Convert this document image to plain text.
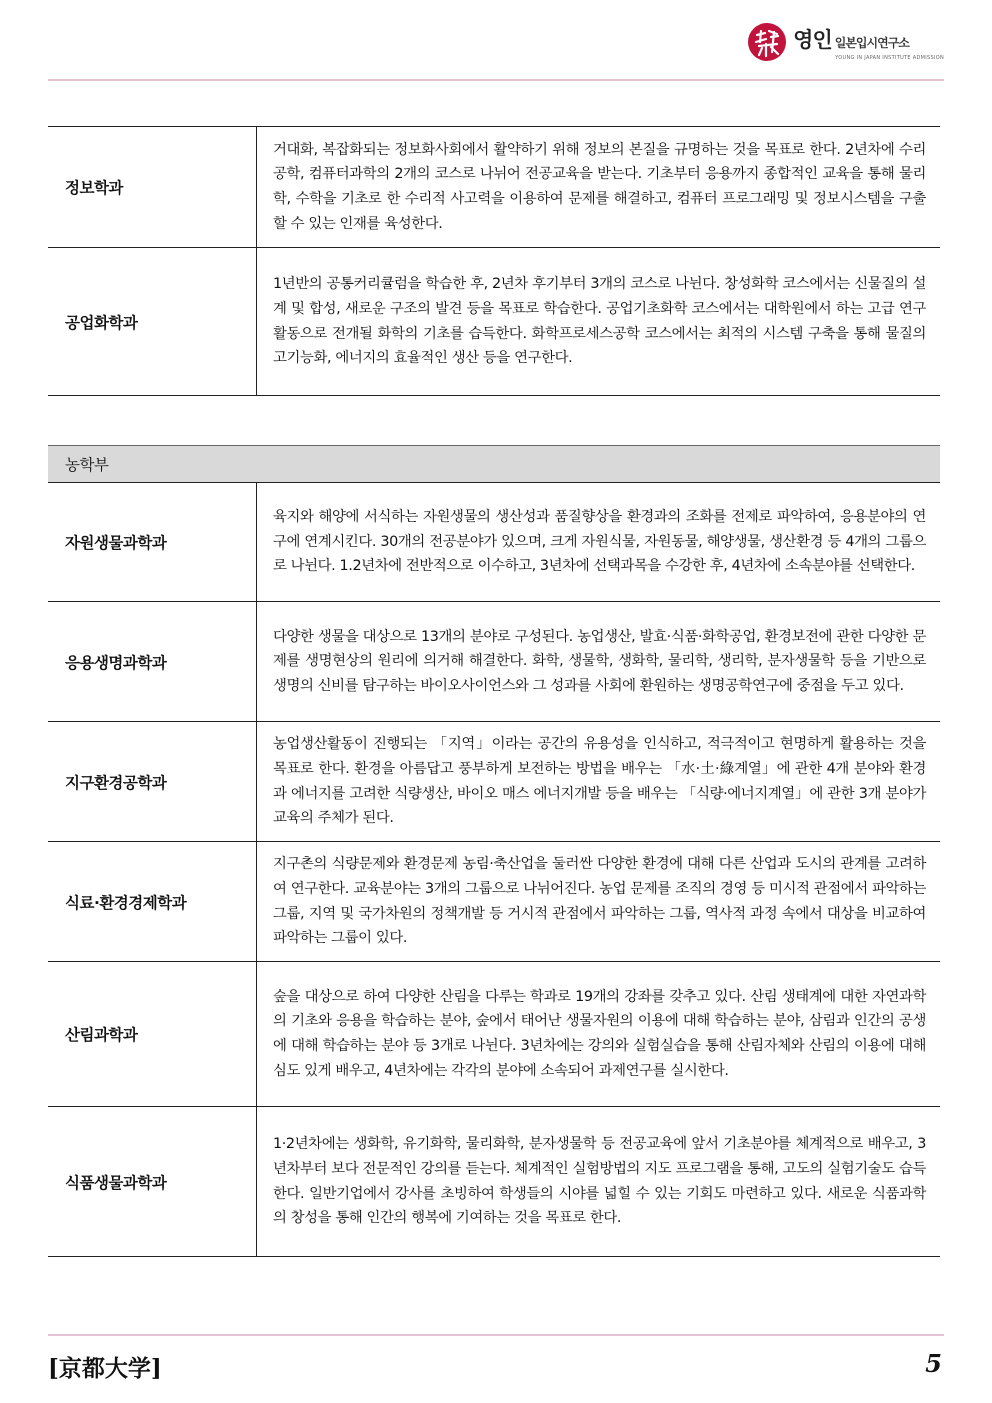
영인 일본입시연구소
YOUNG IN JAPAN INSTITUTE ADMISSION
정보학과	거대화, 복잡화되는 정보화사회에서 활약하기 위해 정보의 본질을 규명하는 것을 목표로 한다. 2년차에 수리공학, 컴퓨터과학의 2개의 코스로 나뉘어 전공교육을 받는다. 기초부터 응용까지 종합적인 교육을 통해 물리학, 수학을 기초로 한 수리적 사고력을 이용하여 문제를 해결하고, 컴퓨터 프로그래밍 및 정보시스템을 구출할 수 있는 인재를 육성한다.
공업화학과	1년반의 공통커리큘럼을 학습한 후, 2년차 후기부터 3개의 코스로 나뉜다. 창성화학 코스에서는 신물질의 설계 및 합성, 새로운 구조의 발견 등을 목표로 학습한다. 공업기초화학 코스에서는 대학원에서 하는 고급 연구활동으로 전개될 화학의 기초를 습득한다. 화학프로세스공학 코스에서는 최적의 시스템 구축을 통해 물질의 고기능화, 에너지의 효율적인 생산 등을 연구한다.
농학부	
자원생물과학과	육지와 해양에 서식하는 자원생물의 생산성과 품질향상을 환경과의 조화를 전제로 파악하여, 응용분야의 연구에 연계시킨다. 30개의 전공분야가 있으며, 크게 자원식물, 자원동물, 해양생물, 생산환경 등 4개의 그룹으로 나뉜다. 1.2년차에 전반적으로 이수하고, 3년차에 선택과목을 수강한 후, 4년차에 소속분야를 선택한다.
응용생명과학과	다양한 생물을 대상으로 13개의 분야로 구성된다. 농업생산, 발효·식품·화학공업, 환경보전에 관한 다양한 문제를 생명현상의 원리에 의거해 해결한다. 화학, 생물학, 생화학, 물리학, 생리학, 분자생물학 등을 기반으로 생명의 신비를 탐구하는 바이오사이언스와 그 성과를 사회에 환원하는 생명공학연구에 중점을 두고 있다.
지구환경공학과	농업생산활동이 진행되는 「지역」이라는 공간의 유용성을 인식하고, 적극적이고 현명하게 활용하는 것을 목표로 한다. 환경을 아름답고 풍부하게 보전하는 방법을 배우는 「水·土·綠계열」에 관한 4개 분야와 환경과 에너지를 고려한 식량생산, 바이오 매스 에너지개발 등을 배우는 「식량·에너지계열」에 관한 3개 분야가 교육의 주체가 된다.
식료·환경경제학과	지구촌의 식량문제와 환경문제 농림·축산업을 둘러싼 다양한 환경에 대해 다른 산업과 도시의 관계를 고려하여 연구한다. 교육분야는 3개의 그룹으로 나뉘어진다. 농업 문제를 조직의 경영 등 미시적 관점에서 파악하는 그룹, 지역 및 국가차원의 정책개발 등 거시적 관점에서 파악하는 그룹, 역사적 과정 속에서 대상을 비교하여 파악하는 그룹이 있다.
산림과학과	숲을 대상으로 하여 다양한 산림을 다루는 학과로 19개의 강좌를 갖추고 있다. 산림 생태계에 대한 자연과학의 기초와 응용을 학습하는 분야, 숲에서 태어난 생물자원의 이용에 대해 학습하는 분야, 삼림과 인간의 공생에 대해 학습하는 분야 등 3개로 나뉜다. 3년차에는 강의와 실험실습을 통해 산림자체와 산림의 이용에 대해 심도 있게 배우고, 4년차에는 각각의 분야에 소속되어 과제연구를 실시한다.
식품생물과학과	1·2년차에는 생화학, 유기화학, 물리화학, 분자생물학 등 전공교육에 앞서 기초분야를 체계적으로 배우고, 3년차부터 보다 전문적인 강의를 듣는다. 체계적인 실험방법의 지도 프로그램을 통해, 고도의 실험기술도 습득한다. 일반기업에서 강사를 초빙하여 학생들의 시야를 넓힐 수 있는 기회도 마련하고 있다. 새로운 식품과학의 창성을 통해 인간의 행복에 기여하는 것을 목표로 한다.
[京都大学]	5
